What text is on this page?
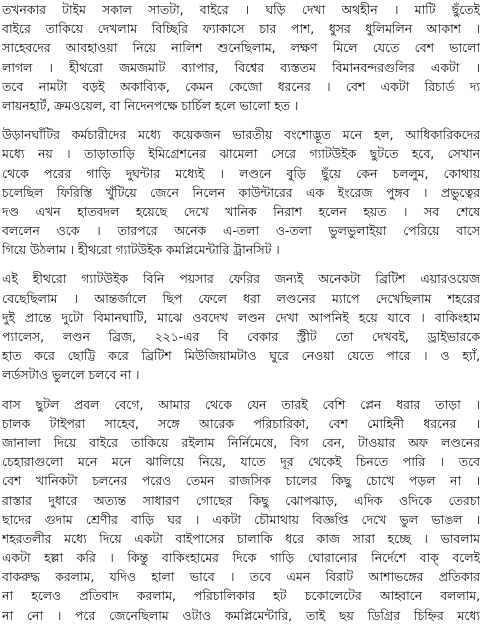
তখনকার টাইম সকাল সাতটা, বাইরে । ঘড়ি দেখা অথহীন । মাটি ছুঁতেই
বাইরে তাকিয়ে দেখলাম বিচ্ছিরি ফ্যাকাসে চার পাশ, ধুসর ধুলিমলিন আকাশ ।
সাহেবদের আবহাওয়া নিয়ে নালিশ শুনেছিলাম, লক্ষণ মিলে যেতে বেশ ভালো
লাগল । হীথরো জমজমাট ব্যাপার, বিশ্বের ব্যস্ততম বিমানবন্দরগুলির একটা ।
তবে নামটা বড়ই অকাব্যিক, কেমন কেজো ধরনের । বেশ একটা রিচার্ড দ্য
লায়নহার্ট, ক্রমওয়েল, বা নিদেনপক্ষে চার্চিল হলে ভালো হত ।
উড়ানঘাঁটির কর্মচারীদের মধ্যে কয়েকজন ভারতীয় বংশোদ্ভূত মনে হল, আধিকারিকদের
মধ্যে নয় । তাড়াতাড়ি ইমিগ্রেশনের ঝামেলা সেরে গ্যাটউইক ছুটতে হবে, সেখান
থেকে পরের গাড়ি দুঘন্টার মধ্যেই । লণ্ডনে বুড়ি ছুঁয়ে কেন চললুম, কোথায়
চলেছিল ফিরিস্তি খুঁটিয়ে জেনে নিলেন কাউন্টারের এক ইংরেজ পুঙ্গব । প্রভুত্বের
দণ্ড এখন হাতবদল হয়েছে দেখে খানিক নিরাশ হলেন হয়ত । সব শেষে
বললেন ওকে । তারপরে অনেক এ-তলা ও-তলা ভুলভুলাইয়া পেরিয়ে বাসে
গিয়ে উঠলাম । হীথরো গ্যাটউইক কমপ্লিমেন্টারি ট্রানসিট ।
এই হীথরো গ্যাটউইক বিনি পয়সার ফেরির জন্যই অনেকটা ব্রিটিশ এয়ারওয়েজ
বেছেছিলাম । আন্তর্জালে ছিপ ফেলে ধরা লণ্ডনের ম্যাপে দেখেছিলাম শহরের
দুই প্রান্তে দুটো বিমানঘাটি, মাঝে ওবদেখ লণ্ডন দেখা আপনিই হয়ে যাবে । বাকিংহাম
প্যালেস, লণ্ডন ব্রিজ, ২২১-এর বি বেকার স্ট্রীট তো দেখবই, ড্রাইভারকে
হাত করে ছোট্টি করে ব্রিটিশ মিউজিয়ামটাও ঘুরে নেওয়া যেতে পারে । ও হ্যাঁ,
লর্ডসটাও ভুললে চলবে না ।
বাস ছুটল প্রবল বেগে, আমার থেকে যেন তারই বেশি প্লেন ধরার তাড়া ।
চালক টাইপরা সাহেব, সঙ্গে আরেক পরিচারিকা, বেশ মোহিনী ধরনের ।
জানালা দিয়ে বাইরে তাকিয়ে রইলাম নির্নিমেষে, বিগ বেন, টাওয়ার অফ লণ্ডনের
চেহারাগুলো মনে মনে ঝালিয়ে নিয়ে, যাতে দূর থেকেই চিনতে পারি । তবে
বেশ খানিকটা চলনের পরেও তেমন রাজসিক চালের কিছু চোখে পড়ল না ।
রাস্তার দুধারে অত্যন্ত সাধারণ গোছের কিছু ঝোপঝাড়, এদিক ওদিকে তেরচা
ছাদের গুদাম শ্রেণীর বাড়ি ঘর । একটা চৌমাথায় বিজ্ঞপ্তি দেখে ভুল ভাঙল ।
শহরতলীর মধ্যে দিয়ে একটা বাইপাসের চালাকি ধরে কাজ সারা হচ্ছে । ভাবলাম
একটা হল্লা করি । কিন্তু বাকিংহামের দিকে গাড়ি ঘোরানোর নির্দেশে বাক্ বলেই
বাকরুদ্ধ করলাম, যদিও হালা ভাবে । তবে এমন বিরাট আশাভঙ্গের প্রতিকার
না হলেও প্রতিবাদ করলাম, পরিচালিকার হট চকোলেটের আহ্বানে বললাম,
না নো । পরে জেনেছিলাম ওটাও কমপ্লিমেন্টারি, তাই ছয় ডিগ্রির চিহ্নির মধ্যে
